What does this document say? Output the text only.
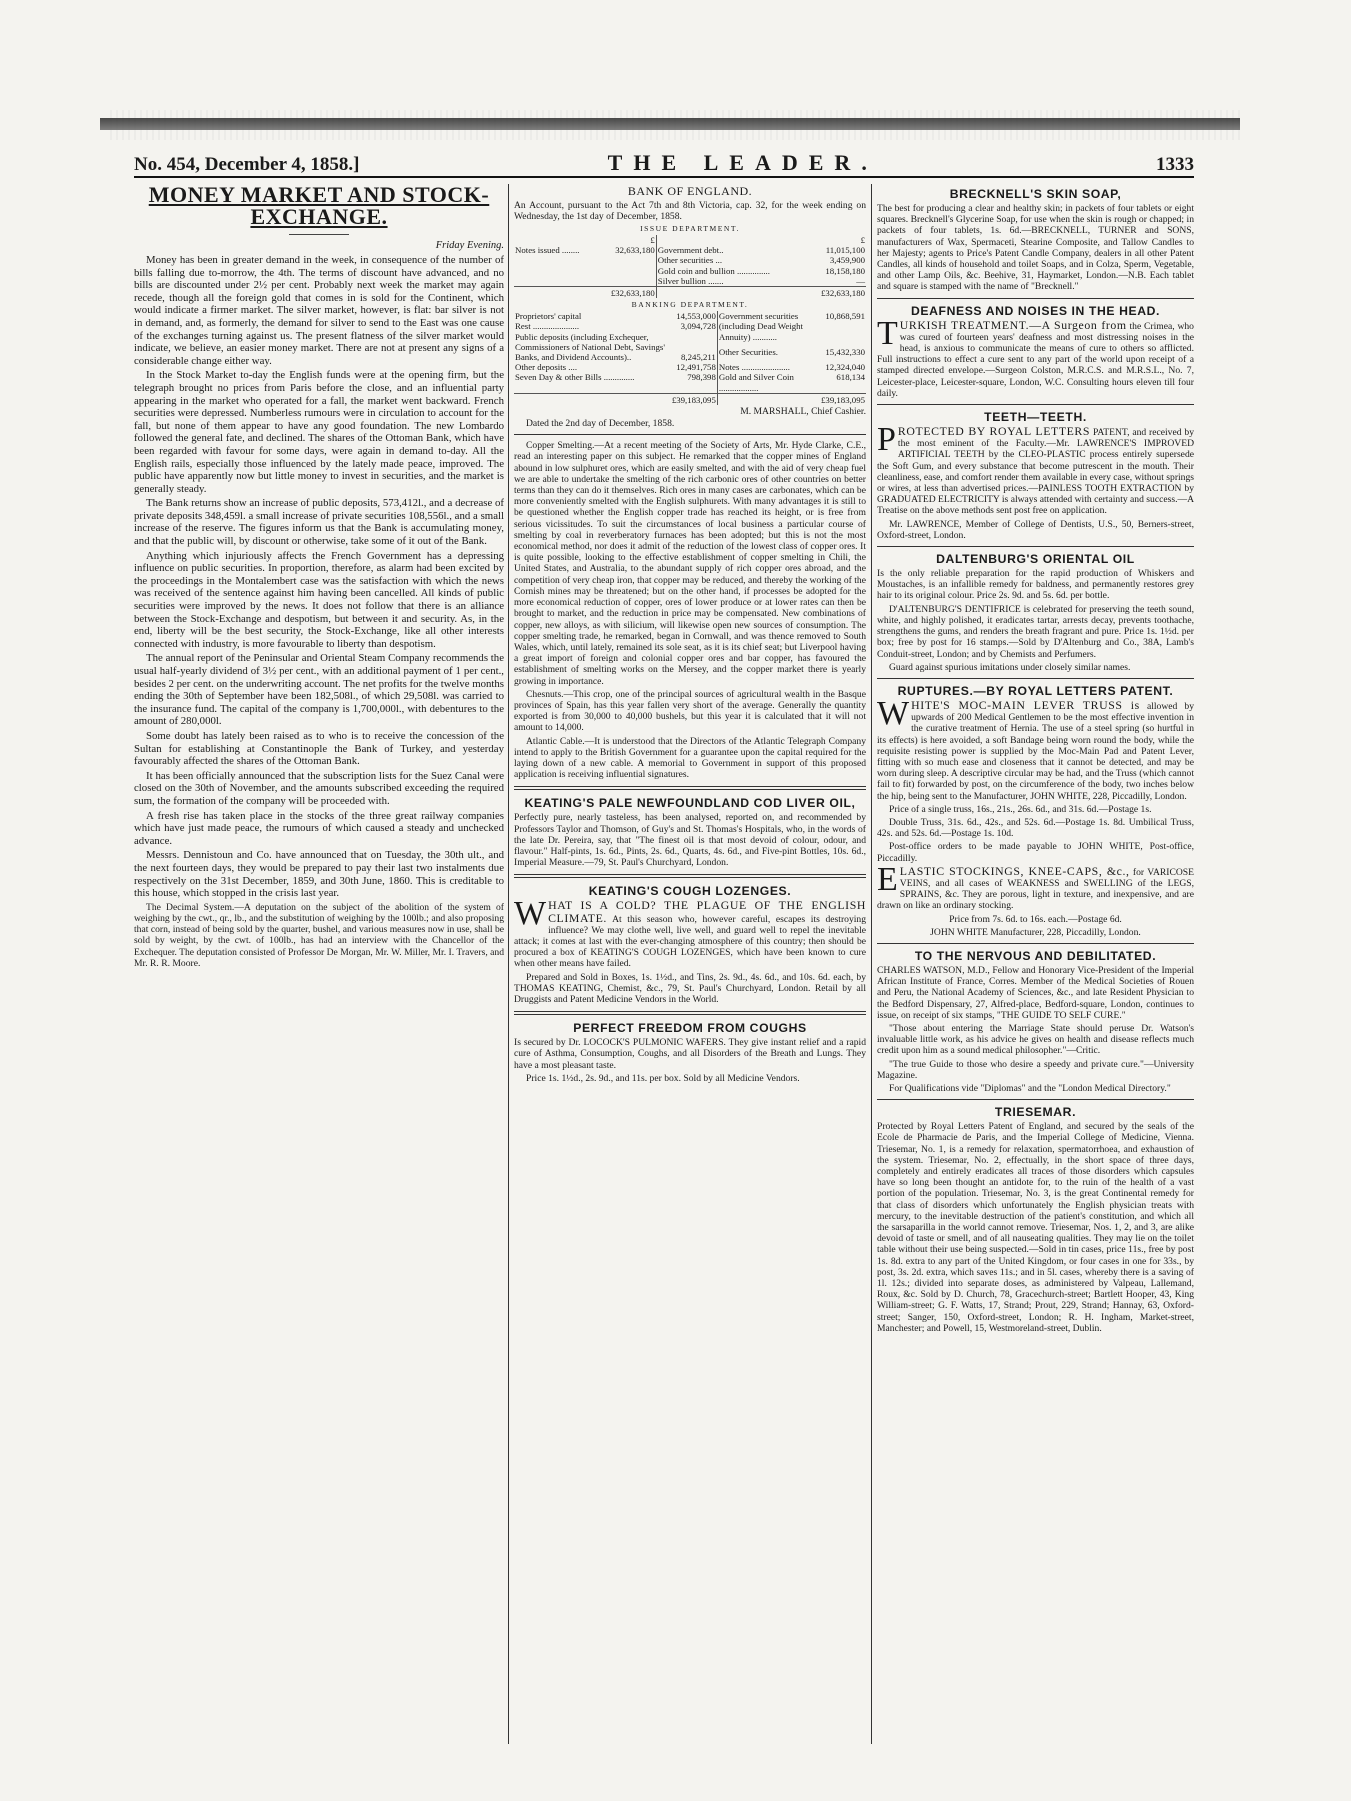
No. 454, December 4, 1858.]	THE LEADER.	1333
MONEY MARKET AND STOCK-EXCHANGE.
Friday Evening.

Money has been in greater demand in the week, in consequence of the number of bills falling due to-morrow, the 4th. The terms of discount have advanced, and no bills are discounted under 2½ per cent. Probably next week the market may again recede, though all the foreign gold that comes in is sold for the Continent, which would indicate a firmer market. The silver market, however, is flat: bar silver is not in demand, and, as formerly, the demand for silver to send to the East was one cause of the exchanges turning against us. The present flatness of the silver market would indicate, we believe, an easier money market. There are not at present any signs of a considerable change either way.

In the Stock Market to-day the English funds were at the opening firm, but the telegraph brought no prices from Paris before the close, and an influential party appearing in the market who operated for a fall, the market went backward. French securities were depressed. Numberless rumours were in circulation to account for the fall, but none of them appear to have any good foundation. The new Lombardo followed the general fate, and declined. The shares of the Ottoman Bank, which have been regarded with favour for some days, were again in demand to-day. All the English rails, especially those influenced by the lately made peace, improved. The public have apparently now but little money to invest in securities, and the market is generally steady.

The Bank returns show an increase of public deposits, 573,412l., and a decrease of private deposits 348,459l. a small increase of private securities 108,556l., and a small increase of the reserve. The figures inform us that the Bank is accumulating money, and that the public will, by discount or otherwise, take some of it out of the Bank.

Anything which injuriously affects the French Government has a depressing influence on public securities. In proportion, therefore, as alarm had been excited by the proceedings in the Montalembert case was the satisfaction with which the news was received of the sentence against him having been cancelled. All kinds of public securities were improved by the news. It does not follow that there is an alliance between the Stock-Exchange and despotism, but between it and security. As, in the end, liberty will be the best security, the Stock-Exchange, like all other interests connected with industry, is more favourable to liberty than despotism.

The annual report of the Peninsular and Oriental Steam Company recommends the usual half-yearly dividend of 3½ per cent., with an additional payment of 1 per cent., besides 2 per cent. on the underwriting account. The net profits for the twelve months ending the 30th of September have been 182,508l., of which 29,508l. was carried to the insurance fund. The capital of the company is 1,700,000l., with debentures to the amount of 280,000l.

Some doubt has lately been raised as to who is to receive the concession of the Sultan for establishing at Constantinople the Bank of Turkey, and yesterday favourably affected the shares of the Ottoman Bank.

It has been officially announced that the subscription lists for the Suez Canal were closed on the 30th of November, and the amounts subscribed exceeding the required sum, the formation of the company will be proceeded with.

A fresh rise has taken place in the stocks of the three great railway companies which have just made peace, the rumours of which caused a steady and unchecked advance.

Messrs. Dennistoun and Co. have announced that on Tuesday, the 30th ult., and the next fourteen days, they would be prepared to pay their last two instalments due respectively on the 31st December, 1859, and 30th June, 1860. This is creditable to this house, which stopped in the crisis last year.

The Decimal System.—A deputation on the subject of the abolition of the system of weighing by the cwt., qr., lb., and the substitution of weighing by the 100lb.; and also proposing that corn, instead of being sold by the quarter, bushel, and various measures now in use, shall be sold by weight, by the cwt. of 100lb., has had an interview with the Chancellor of the Exchequer. The deputation consisted of Professor De Morgan, Mr. W. Miller, Mr. I. Travers, and Mr. R. R. Moore.

BANK OF ENGLAND.

An Account, pursuant to the Act 7th and 8th Victoria, cap. 32, for the week ending on Wednesday, the 1st day of December, 1858.

ISSUE DEPARTMENT.
	£		£
Notes issued ........	32,633,180	Government debt..	11,015,100
		Other securities ...	3,459,900
		Gold coin and bullion ...............	18,158,180
		Silver bullion .......	—
	£32,633,180		£32,633,180
BANKING DEPARTMENT.
Proprietors' capital	14,553,000	Government securities (including Dead Weight Annuity) ...........	10,868,591
Rest .....................	3,094,728		
Public deposits (including Exchequer, Commissioners of National Debt, Savings' Banks, and Dividend Accounts)..	8,245,211		
		Other Securities.	15,432,330
Other deposits ....	12,491,758	Notes ......................	12,324,040
Seven Day & other Bills ..............	798,398	Gold and Silver Coin ..................	618,134
	£39,183,095		£39,183,095
M. MARSHALL, Chief Cashier.
Dated the 2nd day of December, 1858.

Copper Smelting.—At a recent meeting of the Society of Arts, Mr. Hyde Clarke, C.E., read an interesting paper on this subject. He remarked that the copper mines of England abound in low sulphuret ores, which are easily smelted, and with the aid of very cheap fuel we are able to undertake the smelting of the rich carbonic ores of other countries on better terms than they can do it themselves. Rich ores in many cases are carbonates, which can be more conveniently smelted with the English sulphurets. With many advantages it is still to be questioned whether the English copper trade has reached its height, or is free from serious vicissitudes. To suit the circumstances of local business a particular course of smelting by coal in reverberatory furnaces has been adopted; but this is not the most economical method, nor does it admit of the reduction of the lowest class of copper ores. It is quite possible, looking to the effective establishment of copper smelting in Chili, the United States, and Australia, to the abundant supply of rich copper ores abroad, and the competition of very cheap iron, that copper may be reduced, and thereby the working of the Cornish mines may be threatened; but on the other hand, if processes be adopted for the more economical reduction of copper, ores of lower produce or at lower rates can then be brought to market, and the reduction in price may be compensated. New combinations of copper, new alloys, as with silicium, will likewise open new sources of consumption. The copper smelting trade, he remarked, began in Cornwall, and was thence removed to South Wales, which, until lately, remained its sole seat, as it is its chief seat; but Liverpool having a great import of foreign and colonial copper ores and bar copper, has favoured the establishment of smelting works on the Mersey, and the copper market there is yearly growing in importance.

Chesnuts.—This crop, one of the principal sources of agricultural wealth in the Basque provinces of Spain, has this year fallen very short of the average. Generally the quantity exported is from 30,000 to 40,000 bushels, but this year it is calculated that it will not amount to 14,000.

Atlantic Cable.—It is understood that the Directors of the Atlantic Telegraph Company intend to apply to the British Government for a guarantee upon the capital required for the laying down of a new cable. A memorial to Government in support of this proposed application is receiving influential signatures.

KEATING'S PALE NEWFOUNDLAND COD LIVER OIL,

Perfectly pure, nearly tasteless, has been analysed, reported on, and recommended by Professors Taylor and Thomson, of Guy's and St. Thomas's Hospitals, who, in the words of the late Dr. Pereira, say, that "The finest oil is that most devoid of colour, odour, and flavour." Half-pints, 1s. 6d., Pints, 2s. 6d., Quarts, 4s. 6d., and Five-pint Bottles, 10s. 6d., Imperial Measure.—79, St. Paul's Churchyard, London.

KEATING'S COUGH LOZENGES.

WHAT IS A COLD? THE PLAGUE OF THE ENGLISH CLIMATE. At this season who, however careful, escapes its destroying influence? We may clothe well, live well, and guard well to repel the inevitable attack; it comes at last with the ever-changing atmosphere of this country; then should be procured a box of KEATING'S COUGH LOZENGES, which have been known to cure when other means have failed.

Prepared and Sold in Boxes, 1s. 1½d., and Tins, 2s. 9d., 4s. 6d., and 10s. 6d. each, by THOMAS KEATING, Chemist, &c., 79, St. Paul's Churchyard, London. Retail by all Druggists and Patent Medicine Vendors in the World.

PERFECT FREEDOM FROM COUGHS

Is secured by Dr. LOCOCK'S PULMONIC WAFERS. They give instant relief and a rapid cure of Asthma, Consumption, Coughs, and all Disorders of the Breath and Lungs. They have a most pleasant taste.

Price 1s. 1½d., 2s. 9d., and 11s. per box. Sold by all Medicine Vendors.

BRECKNELL'S SKIN SOAP,

The best for producing a clear and healthy skin; in packets of four tablets or eight squares. Brecknell's Glycerine Soap, for use when the skin is rough or chapped; in packets of four tablets, 1s. 6d.—BRECKNELL, TURNER and SONS, manufacturers of Wax, Spermaceti, Stearine Composite, and Tallow Candles to her Majesty; agents to Price's Patent Candle Company, dealers in all other Patent Candles, all kinds of household and toilet Soaps, and in Colza, Sperm, Vegetable, and other Lamp Oils, &c. Beehive, 31, Haymarket, London.—N.B. Each tablet and square is stamped with the name of "Brecknell."

DEAFNESS AND NOISES IN THE HEAD.

TURKISH TREATMENT.—A Surgeon from the Crimea, who was cured of fourteen years' deafness and most distressing noises in the head, is anxious to communicate the means of cure to others so afflicted. Full instructions to effect a cure sent to any part of the world upon receipt of a stamped directed envelope.—Surgeon Colston, M.R.C.S. and M.R.S.L., No. 7, Leicester-place, Leicester-square, London, W.C. Consulting hours eleven till four daily.

TEETH—TEETH.

PROTECTED BY ROYAL LETTERS PATENT, and received by the most eminent of the Faculty.—Mr. LAWRENCE'S IMPROVED ARTIFICIAL TEETH by the CLEO-PLASTIC process entirely supersede the Soft Gum, and every substance that become putrescent in the mouth. Their cleanliness, ease, and comfort render them available in every case, without springs or wires, at less than advertised prices.—PAINLESS TOOTH EXTRACTION by GRADUATED ELECTRICITY is always attended with certainty and success.—A Treatise on the above methods sent post free on application.

Mr. LAWRENCE, Member of College of Dentists, U.S., 50, Berners-street, Oxford-street, London.

DALTENBURG'S ORIENTAL OIL

Is the only reliable preparation for the rapid production of Whiskers and Moustaches, is an infallible remedy for baldness, and permanently restores grey hair to its original colour. Price 2s. 9d. and 5s. 6d. per bottle.

D'ALTENBURG'S DENTIFRICE is celebrated for preserving the teeth sound, white, and highly polished, it eradicates tartar, arrests decay, prevents toothache, strengthens the gums, and renders the breath fragrant and pure. Price 1s. 1½d. per box; free by post for 16 stamps.—Sold by D'Altenburg and Co., 38A, Lamb's Conduit-street, London; and by Chemists and Perfumers.

Guard against spurious imitations under closely similar names.

RUPTURES.—BY ROYAL LETTERS PATENT.

WHITE'S MOC-MAIN LEVER TRUSS is allowed by upwards of 200 Medical Gentlemen to be the most effective invention in the curative treatment of Hernia. The use of a steel spring (so hurtful in its effects) is here avoided, a soft Bandage being worn round the body, while the requisite resisting power is supplied by the Moc-Main Pad and Patent Lever, fitting with so much ease and closeness that it cannot be detected, and may be worn during sleep. A descriptive circular may be had, and the Truss (which cannot fail to fit) forwarded by post, on the circumference of the body, two inches below the hip, being sent to the Manufacturer, JOHN WHITE, 228, Piccadilly, London.

Price of a single truss, 16s., 21s., 26s. 6d., and 31s. 6d.—Postage 1s.

Double Truss, 31s. 6d., 42s., and 52s. 6d.—Postage 1s. 8d. Umbilical Truss, 42s. and 52s. 6d.—Postage 1s. 10d.

Post-office orders to be made payable to JOHN WHITE, Post-office, Piccadilly.

ELASTIC STOCKINGS, KNEE-CAPS, &c., for VARICOSE VEINS, and all cases of WEAKNESS and SWELLING of the LEGS, SPRAINS, &c. They are porous, light in texture, and inexpensive, and are drawn on like an ordinary stocking.

Price from 7s. 6d. to 16s. each.—Postage 6d.

JOHN WHITE Manufacturer, 228, Piccadilly, London.

TO THE NERVOUS AND DEBILITATED.

CHARLES WATSON, M.D., Fellow and Honorary Vice-President of the Imperial African Institute of France, Corres. Member of the Medical Societies of Rouen and Peru, the National Academy of Sciences, &c., and late Resident Physician to the Bedford Dispensary, 27, Alfred-place, Bedford-square, London, continues to issue, on receipt of six stamps, "THE GUIDE TO SELF CURE."

"Those about entering the Marriage State should peruse Dr. Watson's invaluable little work, as his advice he gives on health and disease reflects much credit upon him as a sound medical philosopher."—Critic.

"The true Guide to those who desire a speedy and private cure."—University Magazine.

For Qualifications vide "Diplomas" and the "London Medical Directory."

TRIESEMAR.

Protected by Royal Letters Patent of England, and secured by the seals of the Ecole de Pharmacie de Paris, and the Imperial College of Medicine, Vienna. Triesemar, No. 1, is a remedy for relaxation, spermatorrhoea, and exhaustion of the system. Triesemar, No. 2, effectually, in the short space of three days, completely and entirely eradicates all traces of those disorders which capsules have so long been thought an antidote for, to the ruin of the health of a vast portion of the population. Triesemar, No. 3, is the great Continental remedy for that class of disorders which unfortunately the English physician treats with mercury, to the inevitable destruction of the patient's constitution, and which all the sarsaparilla in the world cannot remove. Triesemar, Nos. 1, 2, and 3, are alike devoid of taste or smell, and of all nauseating qualities. They may lie on the toilet table without their use being suspected.—Sold in tin cases, price 11s., free by post 1s. 8d. extra to any part of the United Kingdom, or four cases in one for 33s., by post, 3s. 2d. extra, which saves 11s.; and in 5l. cases, whereby there is a saving of 1l. 12s.; divided into separate doses, as administered by Valpeau, Lallemand, Roux, &c. Sold by D. Church, 78, Gracechurch-street; Bartlett Hooper, 43, King William-street; G. F. Watts, 17, Strand; Prout, 229, Strand; Hannay, 63, Oxford-street; Sanger, 150, Oxford-street, London; R. H. Ingham, Market-street, Manchester; and Powell, 15, Westmoreland-street, Dublin.
